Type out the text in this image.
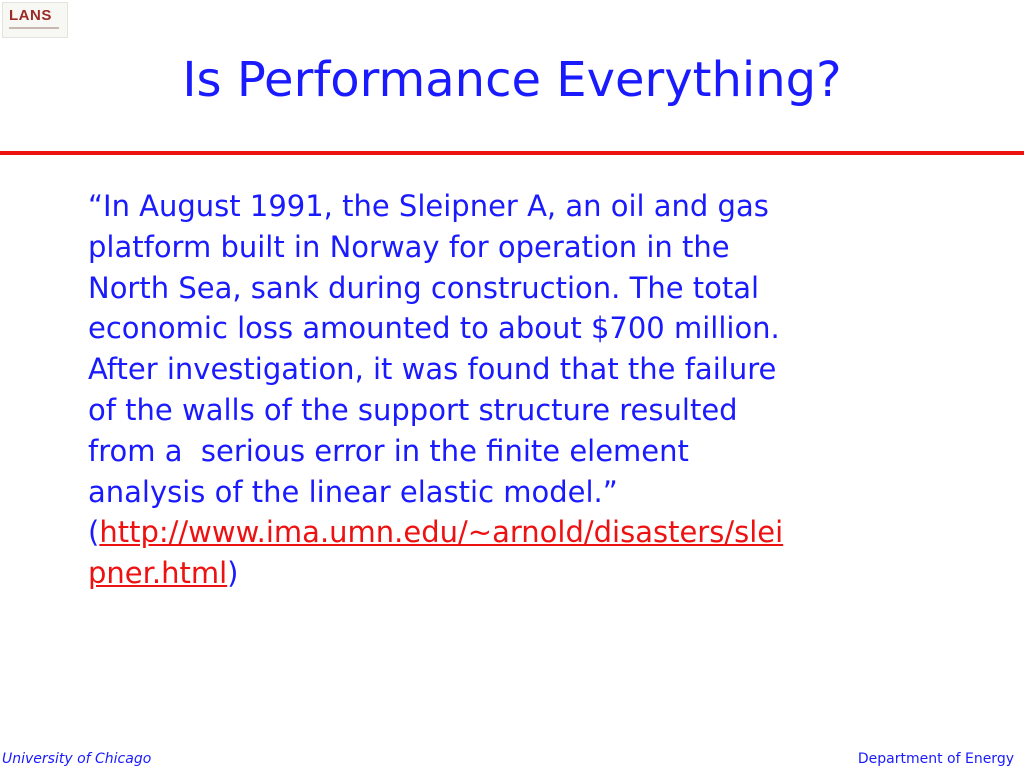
LANS
Is Performance Everything?
“In August 1991, the Sleipner A, an oil and gas
platform built in Norway for operation in the
North Sea, sank during construction. The total
economic loss amounted to about $700 million.
After investigation, it was found that the failure
of the walls of the support structure resulted
from a  serious error in the finite element
analysis of the linear elastic model.”
(http://www.ima.umn.edu/~arnold/disasters/slei
pner.html)
University of Chicago	Department of Energy
